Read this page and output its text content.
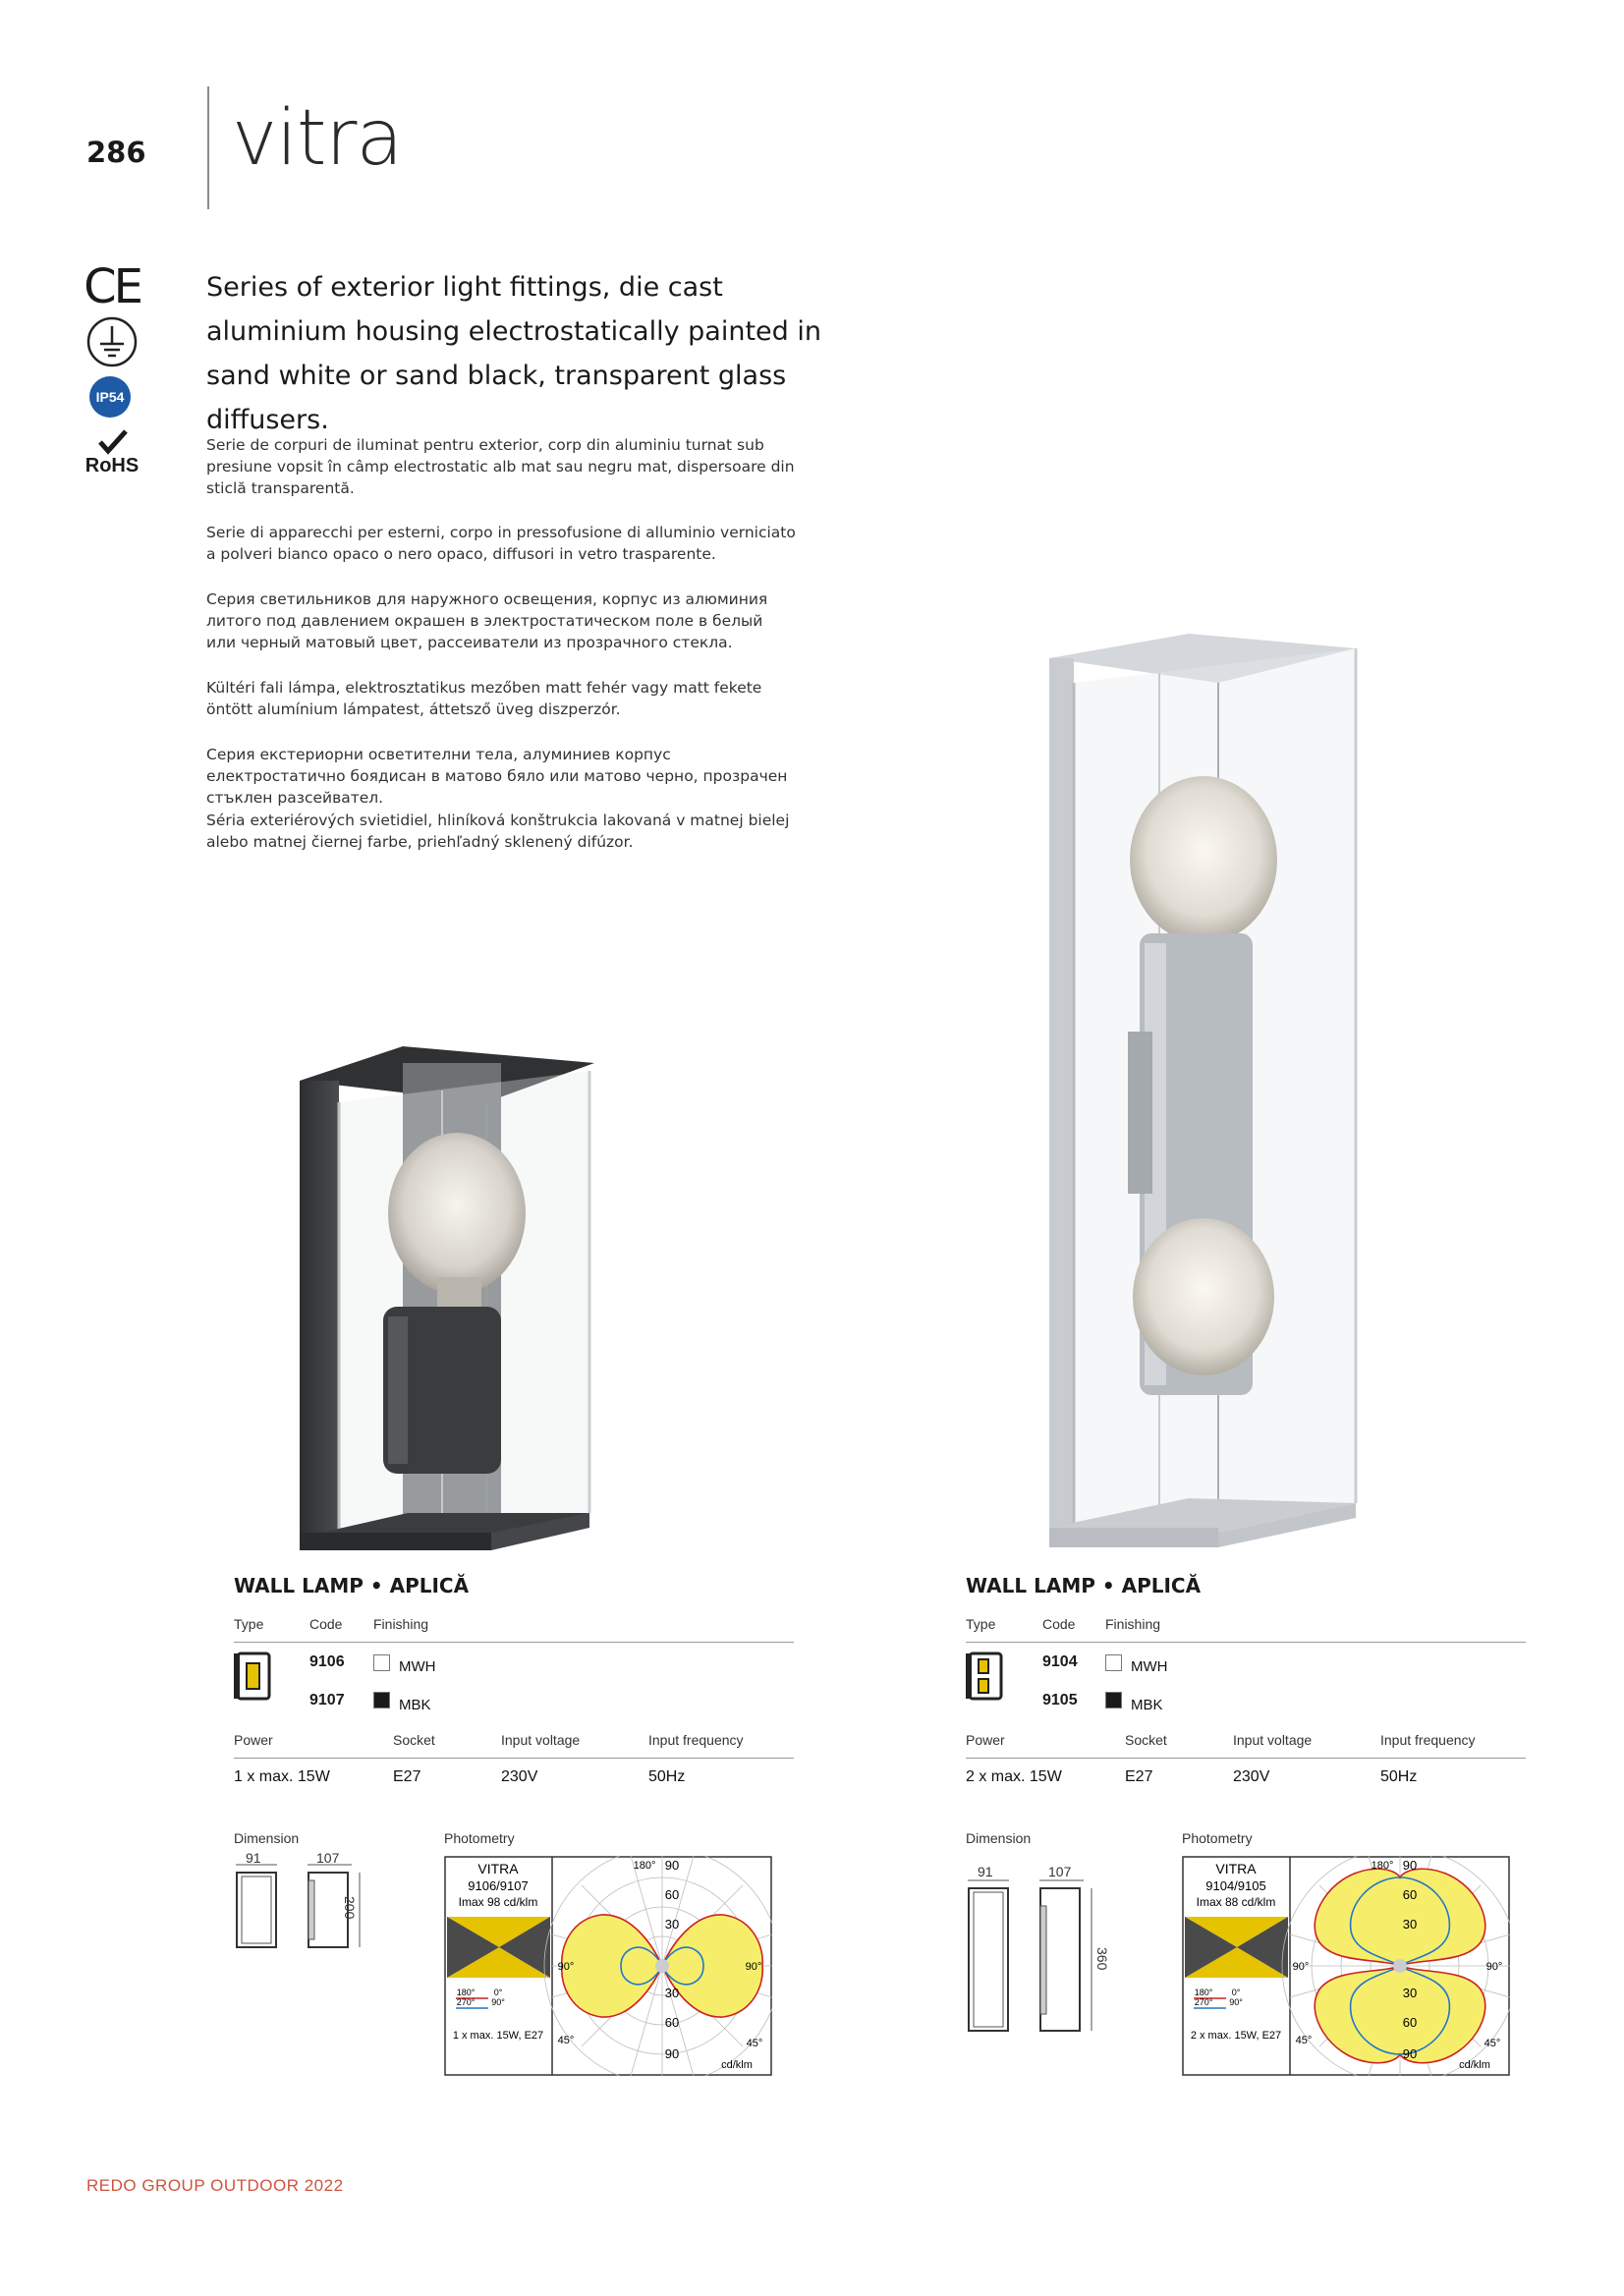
286 vitra
CE
IP54
RoHS
Series of exterior light fittings, die cast aluminium housing electrostatically painted in sand white or sand black, transparent glass diffusers.
Serie de corpuri de iluminat pentru exterior, corp din aluminiu turnat sub presiune vopsit în câmp electrostatic alb mat sau negru mat, dispersoare din sticlă transparentă.
Serie di apparecchi per esterni, corpo in pressofusione di alluminio verniciato a polveri bianco opaco o nero opaco, diffusori in vetro trasparente.
Серия светильников для наружного освещения, корпус из алюминия литого под давлением окрашен в электростатическом поле в белый или черный матовый цвет, рассеиватели из прозрачного стекла.
Kültéri fali lámpa, elektrosztatikus mezőben matt fehér vagy matt fekete öntött alumínium lámpatest, áttetsző üveg diszperzór.
Серия екстериорни осветителни тела, алуминиев корпус електростатично боядисан в матово бяло или матово черно, прозрачен стъклен разсейвател.
Séria exteriérových svietidiel, hliníková konštrukcia lakovaná v matnej bielej alebo matnej čiernej farbe, priehľadný sklenený difúzor.
WALL LAMP • APLICĂ
Type	Code Finishing
9106	MWH
9107	MBK
Power	Socket	Input voltage	Input frequency
1 x max. 15W	E27	230V	50Hz
Dimension	Photometry
91	107
200
VITRA
9106/9107
Imax 98 cd/klm
180° 0°
270° 90°
1 x max. 15W, E27
180°
90°	90°
45°	45°
90
60
30
30
60
90
cd/klm
WALL LAMP • APLICĂ
Type	Code Finishing
9104	MWH
9105	MBK
Power	Socket	Input voltage	Input frequency
2 x max. 15W	E27	230V	50Hz
Dimension	Photometry
91	107
360
VITRA
9104/9105
Imax 88 cd/klm
180° 0°
270° 90°
2 x max. 15W, E27
180°
90°	90°
45°	45°
90
60
30
30
60
90
cd/klm
REDO GROUP OUTDOOR 2022
